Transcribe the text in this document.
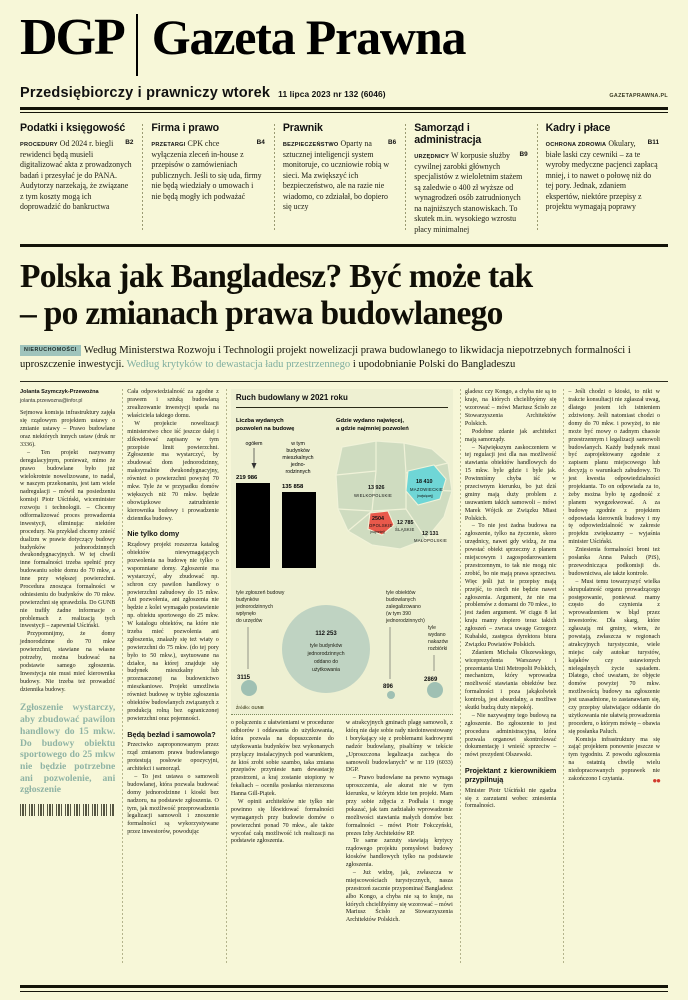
DGP Gazeta Prawna
Przedsiębiorczy i prawniczy wtorek 11 lipca 2023 nr 132 (6046)	GAZETAPRAWNA.PL
Podatki i księgowość

B2
PROCEDURY Od 2024 r. biegli rewidenci będą musieli digitalizować akta z prowadzonych badań i przesyłać je do PANA. Audytorzy narzekają, że związane z tym koszty mogą ich doprowadzić do bankructwa

Firma i prawo

B4
PRZETARGI CPK chce wyłączenia zleceń in-house z przepisów o zamówieniach publicznych. Jeśli to się uda, firmy nie będą wiedziały o umowach i nie będą mogły ich podważać

Prawnik

B6
BEZPIECZEŃSTWO Oparty na sztucznej inteligencji system monitoruje, co uczniowie robią w sieci. Ma zwiększyć ich bezpieczeństwo, ale na razie nie wiadomo, co zdziałał, bo dopiero się uczy

Samorząd i administracja

B9
URZĘDNICY W korpusie służby cywilnej zarobki głównych specjalistów z wieloletnim stażem są zaledwie o 400 zł wyższe od wynagrodzeń osób zatrudnionych na najniższych stanowiskach. To skutek m.in. wysokiego wzrostu płacy minimalnej

Kadry i płace

B11
OCHRONA ZDROWIA Okulary, białe laski czy cewniki – za te wyroby medyczne pacjenci zapłacą mniej, i to nawet o połowę niż do tej pory. Jednak, zdaniem ekspertów, niektóre przepisy z projektu wymagają poprawy

Polska jak Bangladesz? Być może tak
– po zmianach prawa budowlanego
NIERUCHOMOŚCI Według Ministerstwa Rozwoju i Technologii projekt nowelizacji prawa budowlanego to likwidacja niepotrzebnych formalności i uproszczenie inwestycji. Według krytyków to dewastacja ładu przestrzennego i upodobnianie Polski do Bangladeszu
Jolanta Szymczyk-Przewoźna
jolanta.przewozna@infor.pl

Sejmowa komisja infrastruktury zajęła się rządowym projektem ustawy o zmianie ustawy – Prawo budowlane oraz niektórych innych ustaw (druk nr 3336).

– Ten projekt nazywamy deregulacyjnym, ponieważ, mimo że prawo budowlane było już wielokrotnie nowelizowane, to nadal, w naszym przekonaniu, jest tam wiele nadregulacji – mówił na posiedzeniu komisji Piotr Uściński, wiceminister rozwoju i technologii. – Chcemy odformalizować proces prowadzenia inwestycji, eliminując niektóre procedury. Na przykład chcemy znieść dualizm w prawie dotyczący budowy budynków jednorodzinnych dwukondygnacyjnych. W tej chwili inne formalności trzeba spełnić przy budowaniu sobie domu do 70 mkw, a inne przy większej powierzchni. Procedura znosząca formalności w odniesieniu do budynków do 70 mkw. powierzchni się sprawdziła. Do GUNB nie trafiły żadne informacje o problemach z realizacją tych inwestycji – zapewniał Uściński.

Przypomnijmy, że domy jednorodzinne do 70 mkw powierzchni, stawiane na własne potrzeby, można budować na podstawie samego zgłoszenia. Inwestycja nie musi mieć kierownika budowy. Nie trzeba też prowadzić dziennika budowy.

Zgłoszenie wystarczy, aby zbudować pawilon handlowy do 15 mkw. Do budowy obiektu sportowego do 25 mkw nie będzie potrzebne ani pozwolenie, ani zgłoszenie

Cała odpowiedzialność za zgodne z prawem i sztuką budowlaną zrealizowanie inwestycji spada na właściciela takiego domu.

W projekcie nowelizacji ministerstwo chce iść jeszcze dalej i zlikwidować zapisany w tym przepisie limit powierzchni. Zgłoszenie ma wystarczyć, by zbudować dom jednorodzinny, maksymalnie dwukondygnacyjny, również o powierzchni powyżej 70 mkw. Tyle że w przypadku domów większych niż 70 mkw. będzie obowiązkowe zatrudnienie kierownika budowy i prowadzenie dziennika budowy.

Nie tylko domy

Rządowy projekt rozszerza katalog obiektów niewymagających pozwolenia na budowę nie tylko o wspomniane domy. Zgłoszenie ma wystarczyć, aby zbudować np. schron czy pawilon handlowy o powierzchni zabudowy do 15 mkw. Ani pozwolenia, ani zgłoszenia nie będzie z kolei wymagało postawienie np. obiektu sportowego do 25 mkw. W katalogu obiektów, na które nie trzeba mieć pozwolenia ani zgłoszenia, znalazły się też wiaty o powierzchni do 75 mkw. (do tej pory było to 50 mkw.), usytuowane na działce, na której znajduje się budynek mieszkalny lub przeznaczonej na budownictwo mieszkaniowe. Projekt umożliwia również budowę w trybie zgłoszenia obiektów budowlanych związanych z produkcją rolną bez ograniczonej powierzchni oraz pojemności.

Będą bezład i samowola?

Przeciwko zaproponowanym przez rząd zmianom prawa budowlanego protestują posłowie opozycyjni, architekci i samorząd.

– To jest ustawa o samowoli budowlanej, która pozwala budować domy jednorodzinne i kioski bez nadzoru, na podstawie zgłoszenia. O tym, jak możliwość przeprowadzenia legalizacji samowoli i znoszenie formalności są wykorzystywane przez inwestorów, powodując

Ruch budowlany w 2021 roku
Liczba wydanych
pozwoleń na budowę
ogółem
219 986
w tym
budynków
mieszkalnych
jedno-
rodzinnych
135 858
Gdzie wydano najwięcej,
a gdzie najmniej pozwoleń
13 926
WIELKOPOLSKIE
18 410
MAZOWIECKIE
(najwięcej)
2504
OPOLSKIE
(najmniej)
12 785
ŚLĄSKIE
12 131
MAŁOPOLSKIE

tyle zgłoszeń budowy
budynków
jednorodzinnych
wpłynęło
do urzędów
3115
112 253
tyle budynków
jednorodzinnych
oddano do
użytkowania
tyle obiektów
budowlanych
zalegalizowano
(w tym 390
jednorodzinnych)
896
tyle
wydano
nakazów
rozbiórki
2869
Źródło: GUNB

o połączeniu z ułatwieniami w procedurze odbiorów i oddawania do użytkowania, która pozwala na dopuszczenie do użytkowania budynków bez wykonanych przyłączy instalacyjnych pod warunkiem, że ktoś zrobi sobie szambo, taka zmiana przepisów przyniesie nam dewastację przestrzeni, a kraj zostanie utopiony w fekaliach – oceniła posłanka nierzeszona Hanna Gill-Piątek.

W opinii architektów nie tylko nie powinno się likwidować formalności wymaganych przy budowie domów o powierzchni ponad 70 mkw., ale także wycofać całą możliwość ich realizacji na podstawie zgłoszenia.

w atrakcyjnych gminach plagę samowoli, z którą nie daje sobie rady niedoinwestowany i borykający się z problemami kadrowymi nadzór budowlany, pisaliśmy w tekście „Uproszczona legalizacja zachęca do samowoli budowlanych" w nr 119 (6033) DGP.

– Prawo budowlane na pewno wymaga uproszczenia, ale akurat nie w tym kierunku, w którym idzie ten projekt. Mam przy sobie zdjęcia z Podhala i mogę pokazać, jak tam zadziałało wprowadzenie możliwości stawiania małych domów bez formalności – mówi Piotr Fokczyński, prezes Izby Architektów RP.

Te same zarzuty stawiają krytycy rządowego projektu pomysłowi budowy kiosków handlowych tylko na podstawie zgłoszenia.

– Już widzę, jak, zwłaszcza w miejscowościach turystycznych, nasza przestrzeń zacznie przypominać Bangladesz albo Kongo, a chyba nie są to kraje, na których chcielibyśmy się wzorować – mówi Mariusz Ścisło ze Stowarzyszenia Architektów Polskich.

gladesz czy Kongo, a chyba nie są to kraje, na których chcielibyśmy się wzorować – mówi Mariusz Ścisło ze Stowarzyszenia Architektów Polskich.

Podobne zdanie jak architekci mają samorządy.

– Największym zaskoczeniem w tej regulacji jest dla nas możliwość stawiania obiektów handlowych do 15 mkw. byle gdzie i byle jak. Powinniśmy chyba iść w przeciwnym kierunku, bo już dziś gminy mają duży problem z usuwaniem takich samowoli – mówi Marek Wójcik ze Związku Miast Polskich.

– To nie jest żadna budowa na zgłoszenie, tylko na życzenie, skoro urzędnicy, nawet gdy widzą, że ma powstać obiekt sprzeczny z planem miejscowym i zagospodarowaniem przestrzennym, to tak nie mogą nic zrobić, bo nie mają prawa sprzeciwu. Więc jeśli już te przepisy mają przejść, to niech nie będzie nawet zgłoszenia. Argument, że nie ma problemów z domami do 70 mkw., to jest żaden argument. W ciągu 8 lat kraju mamy dopiero teraz takich zgłoszeń – zwraca uwagę Grzegorz Kubalski, zastępca dyrektora biura Związku Powiatów Polskich.

Zdaniem Michała Olszewskiego, wiceprezydenta Warszawy i prezentanta Unii Metropolii Polskich, mechanizm, który wprowadza możliwość stawiania obiektów bez formalności i poza jakąkolwiek kontrolą, jest absurdalny, a możliwe skutki budzą duży niepokój.

– Nie nazywajmy tego budową na zgłoszenie. Bo zgłoszenie to jest procedura administracyjna, która pozwala organowi skontrolować dokumentację i wnieść sprzeciw – mówi prezydent Olszewski.

Projektant z kierownikiem przypilnują

Minister Piotr Uściński nie zgadza się z zarzutami wobec zniesienia formalności.

– Jeśli chodzi o kioski, to nikt w trakcie konsultacji nie zgłaszał uwag, dlatego jestem ich istnieniem zdziwiony. Jeśli natomiast chodzi o domy do 70 mkw. i powyżej, to nie może być mowy o żadnym chaosie przestrzennym i legalizacji samowoli budowlanych. Każdy budynek musi być zaprojektowany zgodnie z zapisem planu miejscowego lub decyzją o warunkach zabudowy. To jest kwestia odpowiedzialności projektanta. To on odpowiada za to, żeby można było tę zgodność z planem wyegzekwować. A za budowę zgodnie z projektem odpowiada kierownik budowy i my tę odpowiedzialność w zakresie projektu zwiększamy – wyjaśnia minister Uściński.

Zniesienia formalności broni też posłanka Anna Paluch (PiS), przewodnicząca podkomisji ds. budownictwa, ale także kontrole.

– Musi temu towarzyszyć wielka skrupulatność organu prowadzącego postępowanie, ponieważ mamy często do czynienia z wprowadzeniem w błąd przez inwestorów. Dla skarg, które zgłaszają mi gminy, wiem, że powstają, zwłaszcza w regionach atrakcyjnych turystycznie, wiele miejsc cały autokar turystów, kajaków czy ustawionych nielegalnych życie sąsiadem. Dlatego, choć uważam, że objęcie domów powyżej 70 mkw. możliwością budowy na zgłoszenie jest uzasadnione, to zastanawiam się, czy przepisy ułatwiające oddanie do użytkowania nie ułatwią prowadzenia procederu, o którym mówię – obawia się posłanka Paluch.

Komisja infrastruktury ma się zająć projektem ponownie jeszcze w tym tygodniu. Z powodu zgłoszenia na ostatnią chwilę wielu niedopracowanych poprawek nie zakończono I czytania.	●●
